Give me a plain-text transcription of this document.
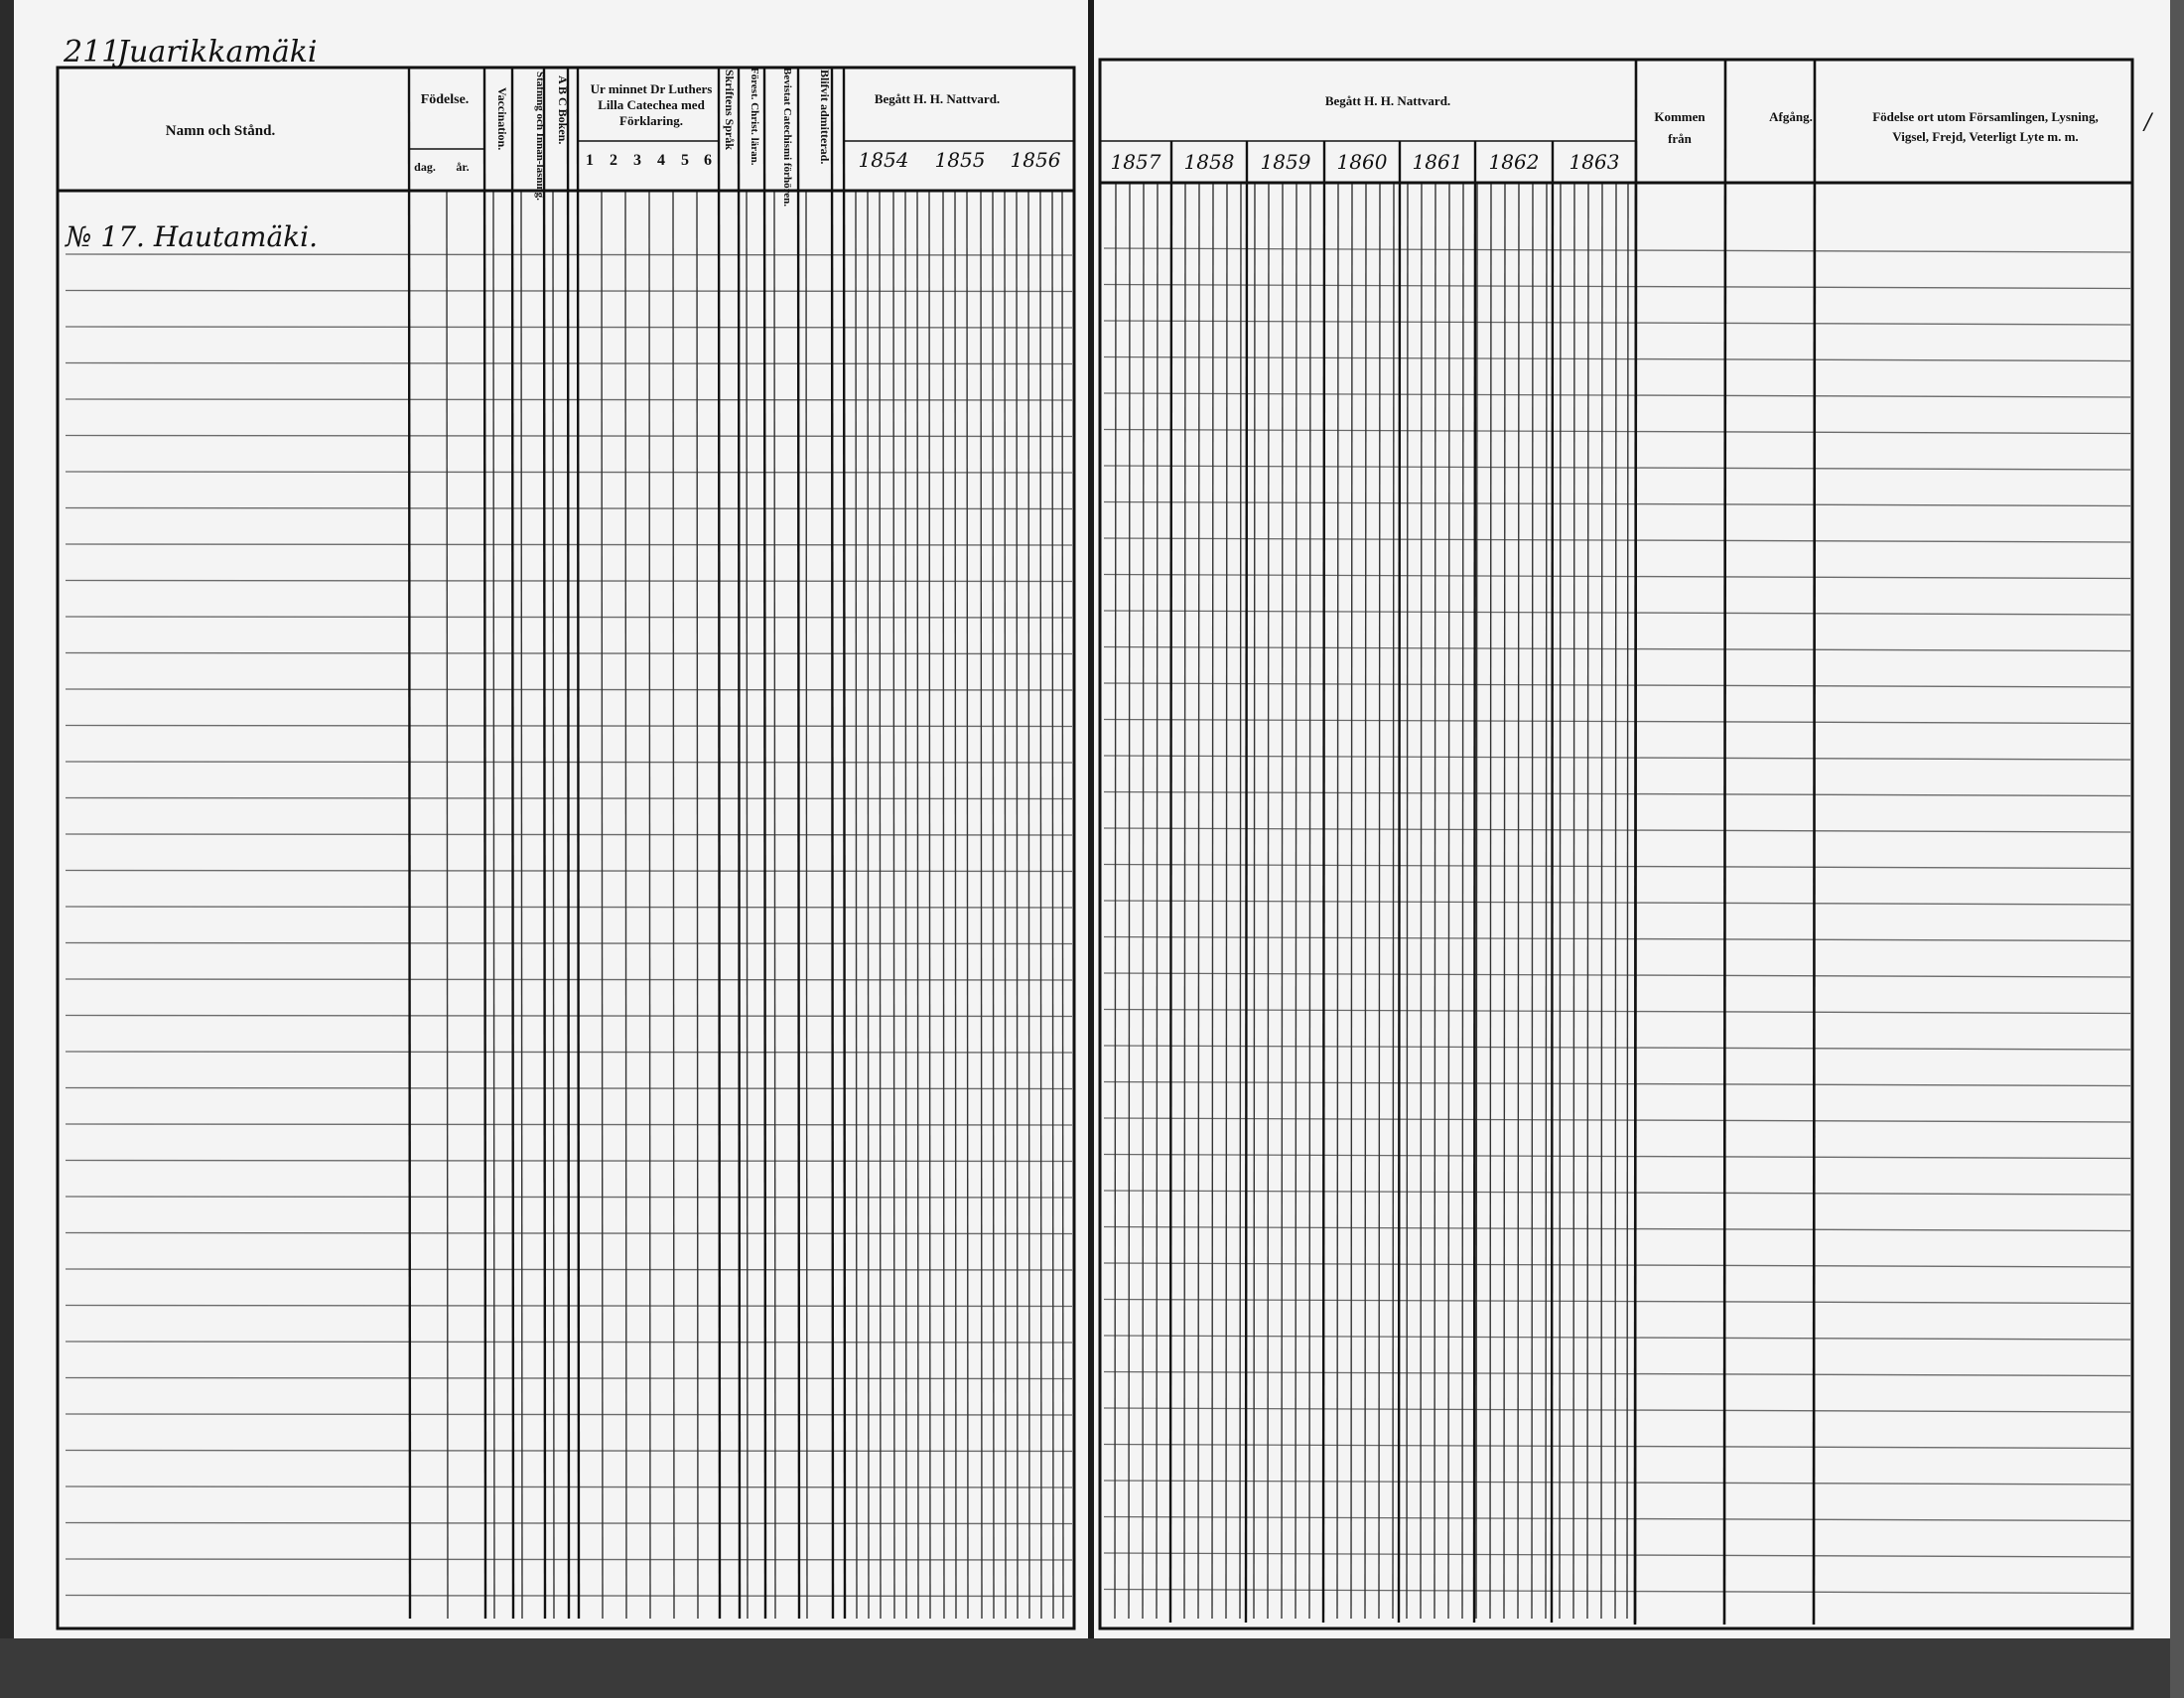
211
Juarikkamäki
Namn och Stånd.
Födelse.
dag. år.
Vaccination. Stafning och Innan-läsning. A B C Boken. Ur minnet Dr Luthers
Lilla Catechea med
Förklaring.
1 2 3 4 5 6
Skriftens Språk Förest. Christ. läran. Bevistat Catechismi förhören. Blifvit admitterad.	Begått H. H. Nattvard.
1854 1855 1856
№ 17. Hautamäki.
Begått H. H. Nattvard.
1857 1858 1859 1860 1861 1862 1863
Kommen från
Afgång.	Födelse ort utom Församlingen, Lysning, Vigsel, Frejd, Veterligt Lyte m. m.
/
